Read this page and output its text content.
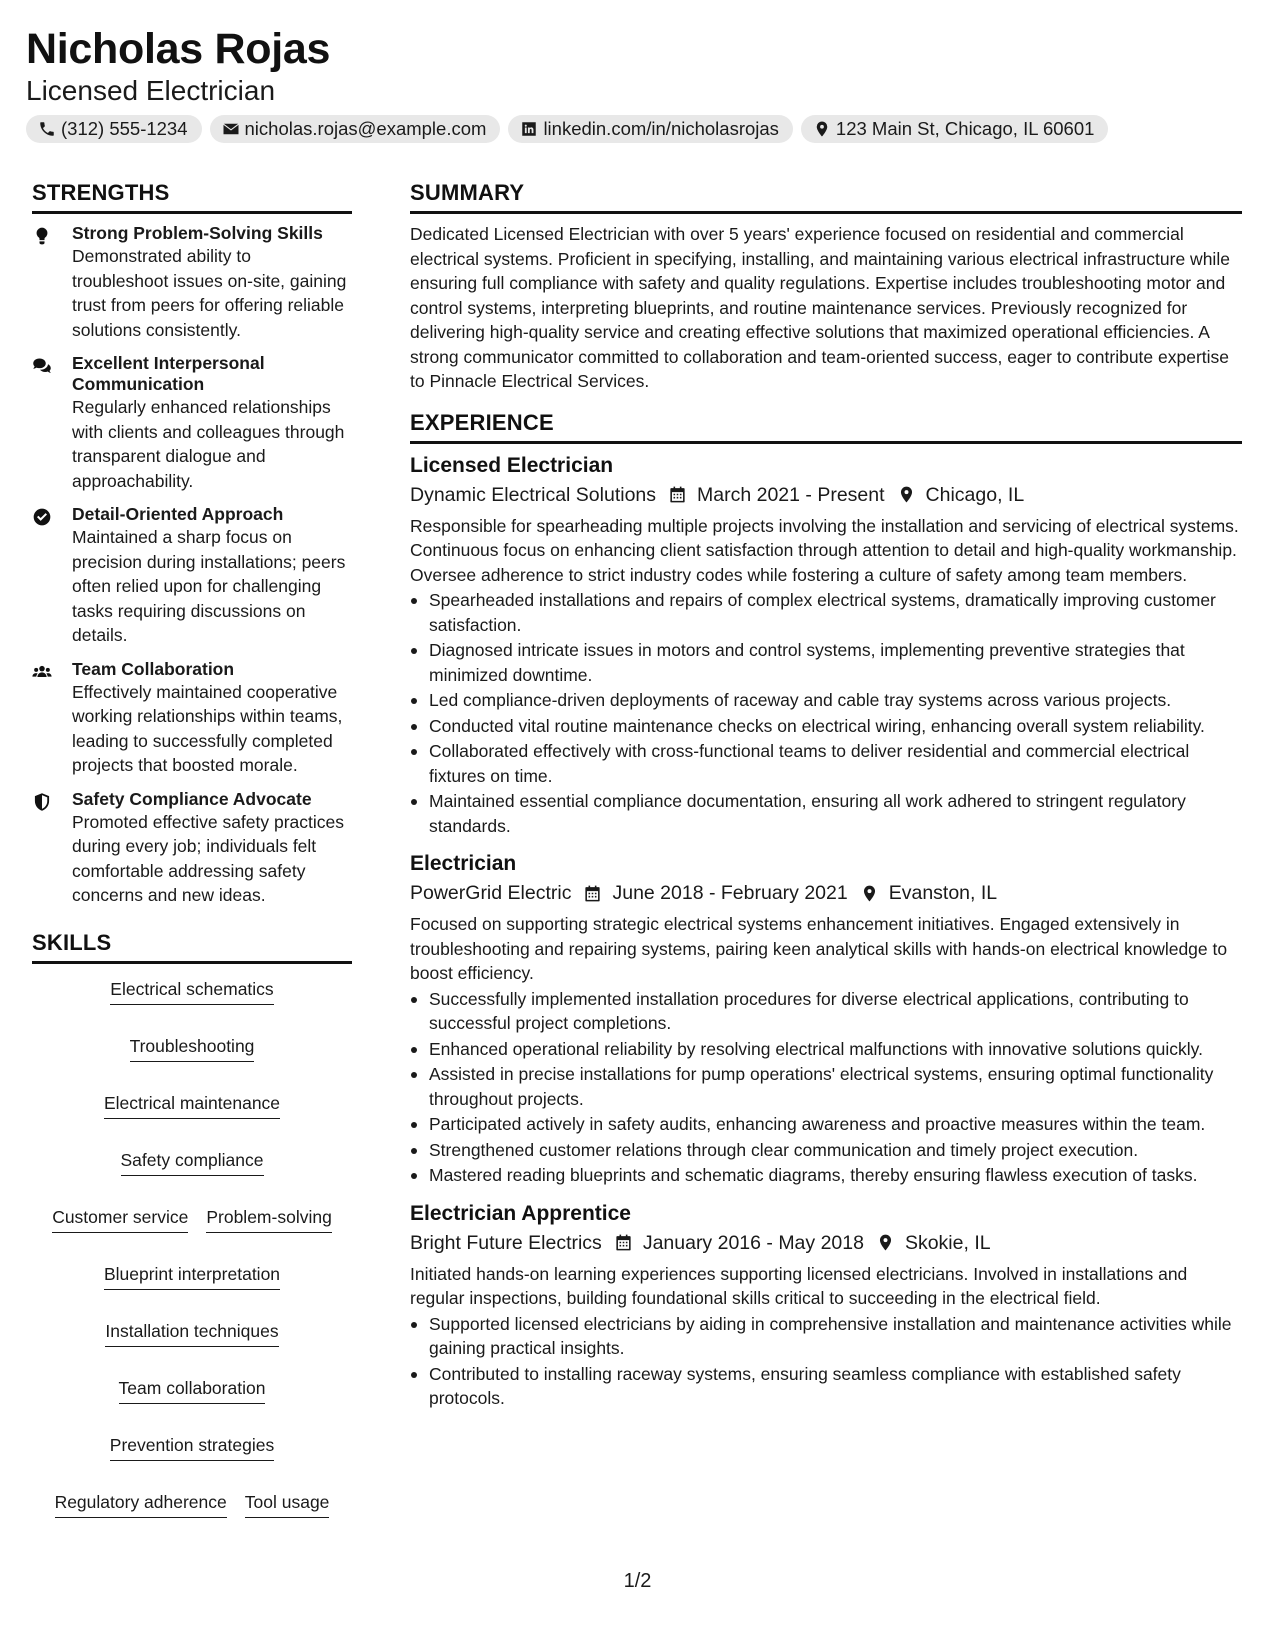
Nicholas Rojas
Licensed Electrician
(312) 555-1234	nicholas.rojas@example.com	linkedin.com/in/nicholasrojas	123 Main St, Chicago, IL 60601
STRENGTHS
Strong Problem-Solving Skills
Demonstrated ability to troubleshoot issues on-site, gaining trust from peers for offering reliable solutions consistently.
Excellent Interpersonal Communication
Regularly enhanced relationships with clients and colleagues through transparent dialogue and approachability.
Detail-Oriented Approach
Maintained a sharp focus on precision during installations; peers often relied upon for challenging tasks requiring discussions on details.
Team Collaboration
Effectively maintained cooperative working relationships within teams, leading to successfully completed projects that boosted morale.
Safety Compliance Advocate
Promoted effective safety practices during every job; individuals felt comfortable addressing safety concerns and new ideas.
SKILLS
Electrical schematics
Troubleshooting
Electrical maintenance
Safety compliance
Customer service Problem-solving
Blueprint interpretation
Installation techniques
Team collaboration
Prevention strategies
Regulatory adherence Tool usage
SUMMARY

Dedicated Licensed Electrician with over 5 years' experience focused on residential and commercial electrical systems. Proficient in specifying, installing, and maintaining various electrical infrastructure while ensuring full compliance with safety and quality regulations. Expertise includes troubleshooting motor and control systems, interpreting blueprints, and routine maintenance services. Previously recognized for delivering high-quality service and creating effective solutions that maximized operational efficiencies. A strong communicator committed to collaboration and team-oriented success, eager to contribute expertise to Pinnacle Electrical Services.

EXPERIENCE
Licensed Electrician
Dynamic Electrical Solutions March 2021 - Present Chicago, IL
Responsible for spearheading multiple projects involving the installation and servicing of electrical systems. Continuous focus on enhancing client satisfaction through attention to detail and high-quality workmanship. Oversee adherence to strict industry codes while fostering a culture of safety among team members.
Spearheaded installations and repairs of complex electrical systems, dramatically improving customer satisfaction.
Diagnosed intricate issues in motors and control systems, implementing preventive strategies that minimized downtime.
Led compliance-driven deployments of raceway and cable tray systems across various projects.
Conducted vital routine maintenance checks on electrical wiring, enhancing overall system reliability.
Collaborated effectively with cross-functional teams to deliver residential and commercial electrical fixtures on time.
Maintained essential compliance documentation, ensuring all work adhered to stringent regulatory standards.
Electrician
PowerGrid Electric June 2018 - February 2021 Evanston, IL
Focused on supporting strategic electrical systems enhancement initiatives. Engaged extensively in troubleshooting and repairing systems, pairing keen analytical skills with hands-on electrical knowledge to boost efficiency.
Successfully implemented installation procedures for diverse electrical applications, contributing to successful project completions.
Enhanced operational reliability by resolving electrical malfunctions with innovative solutions quickly.
Assisted in precise installations for pump operations' electrical systems, ensuring optimal functionality throughout projects.
Participated actively in safety audits, enhancing awareness and proactive measures within the team.
Strengthened customer relations through clear communication and timely project execution.
Mastered reading blueprints and schematic diagrams, thereby ensuring flawless execution of tasks.
Electrician Apprentice
Bright Future Electrics January 2016 - May 2018 Skokie, IL
Initiated hands-on learning experiences supporting licensed electricians. Involved in installations and regular inspections, building foundational skills critical to succeeding in the electrical field.
Supported licensed electricians by aiding in comprehensive installation and maintenance activities while gaining practical insights.
Contributed to installing raceway systems, ensuring seamless compliance with established safety protocols.
1/2
